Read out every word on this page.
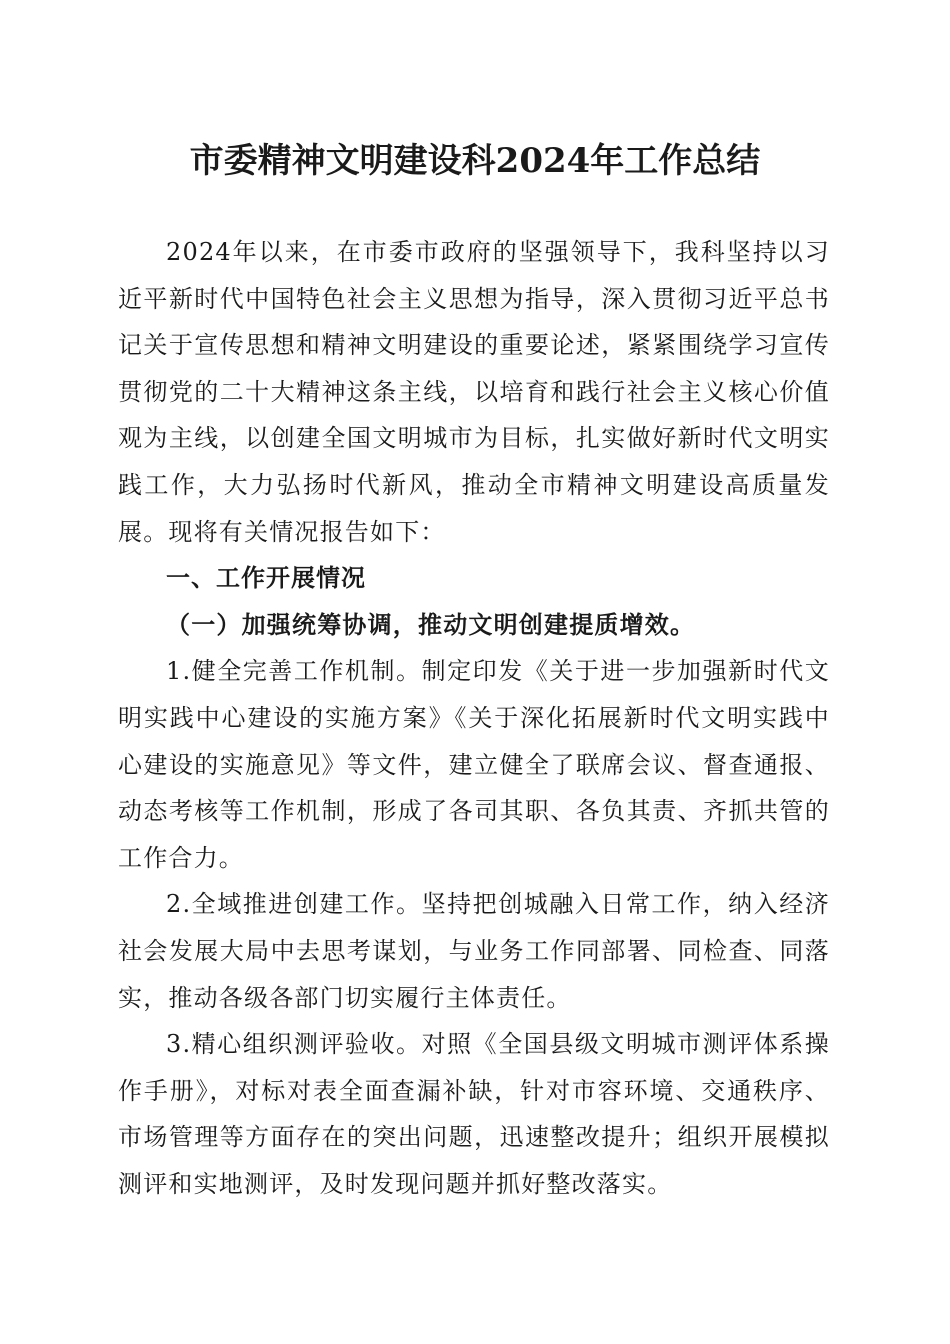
市委精神文明建设科2024年工作总结

2024年以来，在市委市政府的坚强领导下，我科坚持以习近平新时代中国特色社会主义思想为指导，深入贯彻习近平总书记关于宣传思想和精神文明建设的重要论述，紧紧围绕学习宣传贯彻党的二十大精神这条主线，以培育和践行社会主义核心价值观为主线，以创建全国文明城市为目标，扎实做好新时代文明实践工作，大力弘扬时代新风，推动全市精神文明建设高质量发展。现将有关情况报告如下：

一、工作开展情况

（一）加强统筹协调，推动文明创建提质增效。

1.健全完善工作机制。制定印发《关于进一步加强新时代文明实践中心建设的实施方案》《关于深化拓展新时代文明实践中心建设的实施意见》等文件，建立健全了联席会议、督查通报、动态考核等工作机制，形成了各司其职、各负其责、齐抓共管的工作合力。

2.全域推进创建工作。坚持把创城融入日常工作，纳入经济社会发展大局中去思考谋划，与业务工作同部署、同检查、同落实，推动各级各部门切实履行主体责任。

3.精心组织测评验收。对照《全国县级文明城市测评体系操作手册》，对标对表全面查漏补缺，针对市容环境、交通秩序、市场管理等方面存在的突出问题，迅速整改提升；组织开展模拟测评和实地测评，及时发现问题并抓好整改落实。
